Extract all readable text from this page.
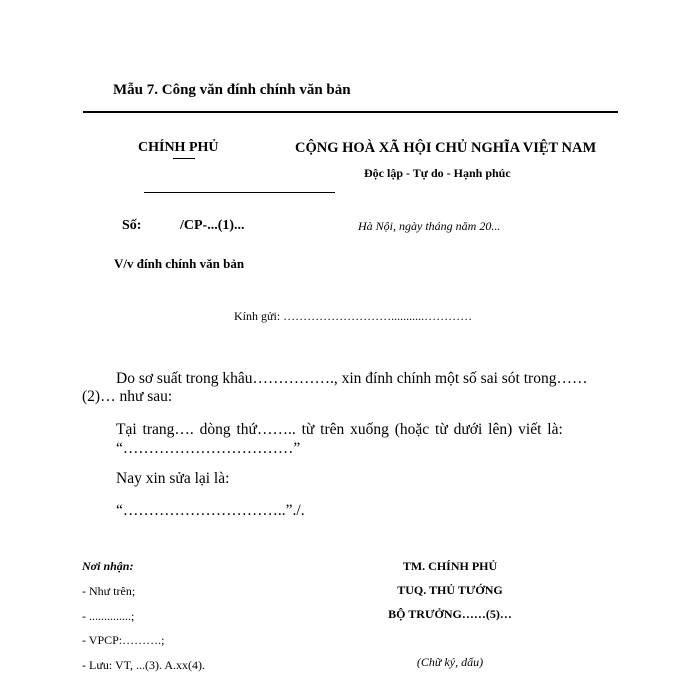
Mẫu 7. Công văn đính chính văn bản
CHÍNH PHỦ	CỘNG HOÀ XÃ HỘI CHỦ NGHĨA VIỆT NAM
Độc lập - Tự do - Hạnh phúc
Số:	/CP-...(1)...	Hà Nội, ngày tháng năm 20...
V/v đính chính văn bản
Kính gửi: ………………………...........…………
Do sơ suất trong khâu……………., xin đính chính một số sai sót trong……
(2)… như sau:
Tại trang…. dòng thứ…….. từ trên xuống (hoặc từ dưới lên) viết là:
“……………………………”
Nay xin sửa lại là:
“…………………………..”./.
Nơi nhận:
- Như trên;
- ..............;
- VPCP:……….;
- Lưu: VT, ...(3). A.xx(4).
TM. CHÍNH PHỦ
TUQ. THỦ TƯỚNG
BỘ TRƯỞNG……(5)…
(Chữ ký, dấu)
